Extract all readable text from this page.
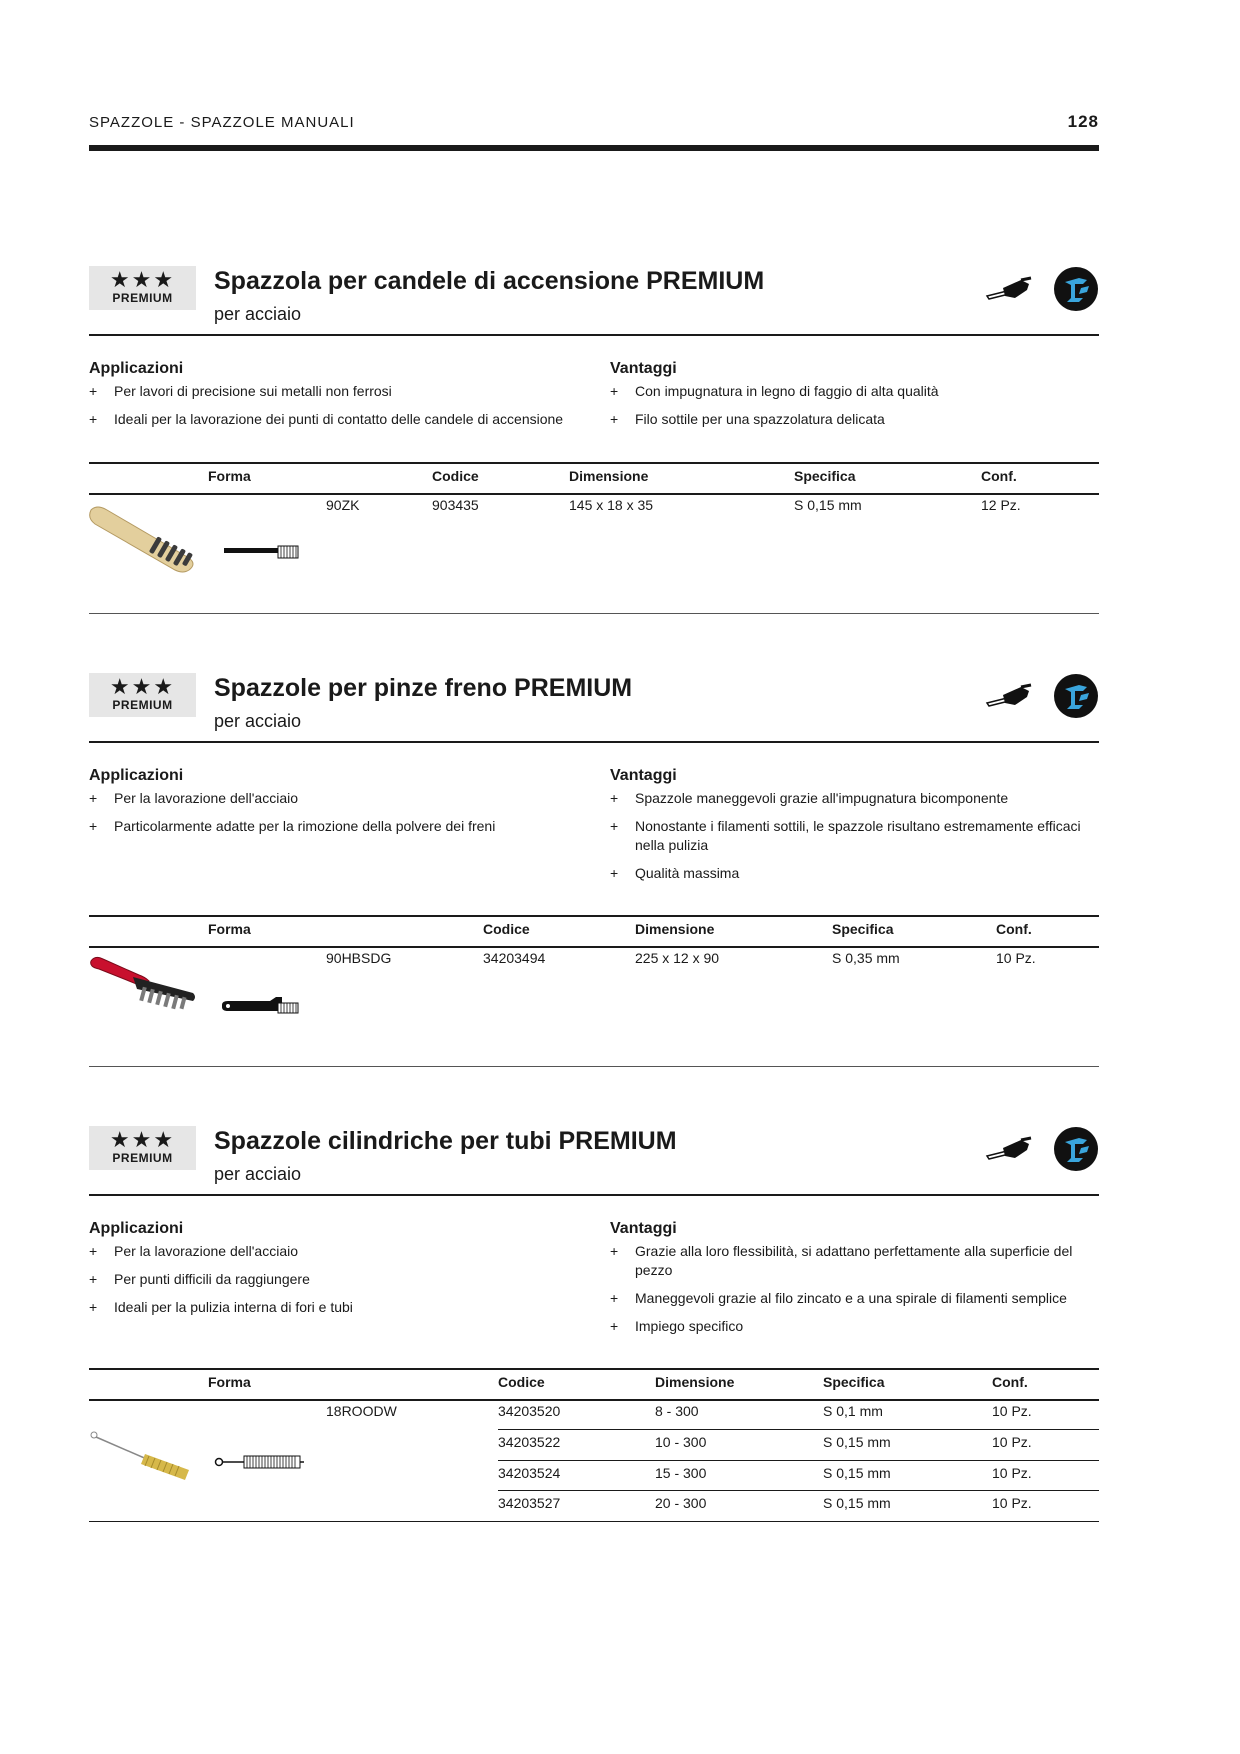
SPAZZOLE - SPAZZOLE MANUALI	128
★★★
PREMIUM
Spazzola per candele di accensione PREMIUM
per acciaio
Applicazioni
+ Per lavori di precisione sui metalli non ferrosi
+ Ideali per la lavorazione dei punti di contatto delle candele di accensione
Vantaggi
+ Con impugnatura in legno di faggio di alta qualità
+ Filo sottile per una spazzolatura delicata
Forma	Codice	Dimensione	Specifica	Conf.
90ZK	903435	145 x 18 x 35	S 0,15 mm	12 Pz.
★★★
PREMIUM
Spazzole per pinze freno PREMIUM
per acciaio
Applicazioni
+ Per la lavorazione dell'acciaio
+ Particolarmente adatte per la rimozione della polvere dei freni
Vantaggi
+ Spazzole maneggevoli grazie all'impugnatura bicomponente
+ Nonostante i filamenti sottili, le spazzole risultano estremamente efficaci nella pulizia
+ Qualità massima
Forma	Codice	Dimensione	Specifica	Conf.
90HBSDG	34203494	225 x 12 x 90	S 0,35 mm	10 Pz.
★★★
PREMIUM
Spazzole cilindriche per tubi PREMIUM
per acciaio
Applicazioni
+ Per la lavorazione dell'acciaio
+ Per punti difficili da raggiungere
+ Ideali per la pulizia interna di fori e tubi
Vantaggi
+ Grazie alla loro flessibilità, si adattano perfettamente alla superficie del pezzo
+ Maneggevoli grazie al filo zincato e a una spirale di filamenti semplice
+ Impiego specifico
Forma	Codice	Dimensione	Specifica	Conf.
18ROODW	34203520	8 - 300	S 0,1 mm	10 Pz.
34203522	10 - 300	S 0,15 mm	10 Pz.
34203524	15 - 300	S 0,15 mm	10 Pz.
34203527	20 - 300	S 0,15 mm	10 Pz.
